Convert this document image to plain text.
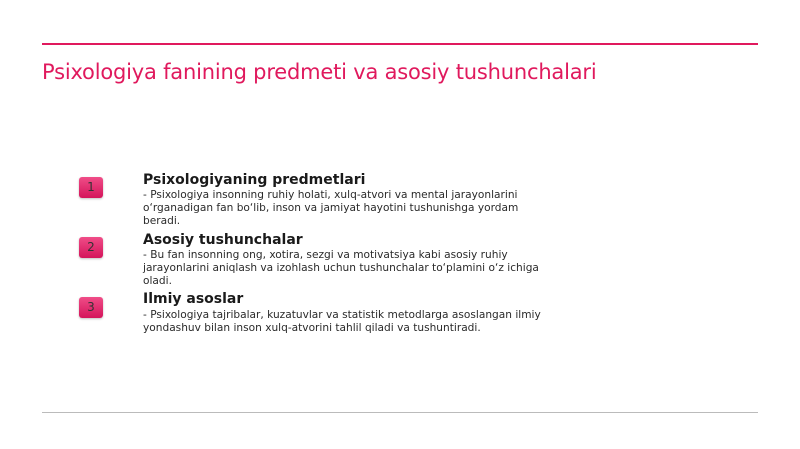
Psixologiya fanining predmeti va asosiy tushunchalari
1	Psixologiyaning predmetlari

- Psixologiya insonning ruhiy holati, xulq-atvori va mental jarayonlarini o‘rganadigan fan bo‘lib, inson va jamiyat hayotini tushunishga yordam beradi.

2	Asosiy tushunchalar

- Bu fan insonning ong, xotira, sezgi va motivatsiya kabi asosiy ruhiy jarayonlarini aniqlash va izohlash uchun tushunchalar to‘plamini o‘z ichiga oladi.

3	Ilmiy asoslar

- Psixologiya tajribalar, kuzatuvlar va statistik metodlarga asoslangan ilmiy yondashuv bilan inson xulq-atvorini tahlil qiladi va tushuntiradi.
